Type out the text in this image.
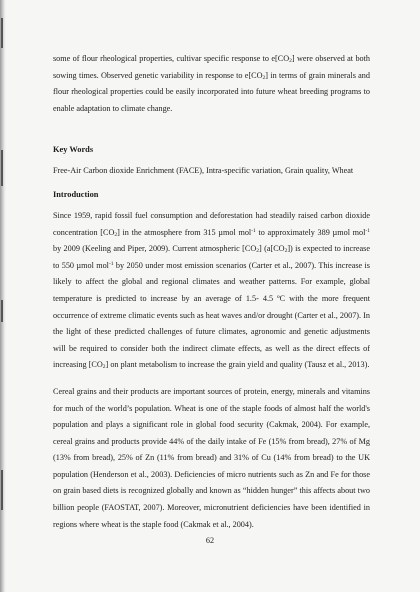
some of flour rheological properties, cultivar specific response to $e[CO_2]$ were observed at both sowing times. Observed genetic variability in response to $e[CO_2]$ in terms of grain minerals and flour rheological properties could be easily incorporated into future wheat breeding programs to enable adaptation to climate change.

Key Words

Free-Air Carbon dioxide Enrichment (FACE), Intra-specific variation, Grain quality, Wheat

Introduction

Since 1959, rapid fossil fuel consumption and deforestation had steadily raised carbon dioxide concentration $[CO_2]$ in the atmosphere from 315 µmol mol$^{-1}$ to approximately 389 µmol mol$^{-1}$ by 2009 (Keeling and Piper, 2009). Current atmospheric $[CO_2]$ $(a[CO_2])$ is expected to increase to 550 µmol mol$^{-1}$ by 2050 under most emission scenarios (Carter et al., 2007). This increase is likely to affect the global and regional climates and weather patterns. For example, global temperature is predicted to increase by an average of 1.5- 4.5 ºC with the more frequent occurrence of extreme climatic events such as heat waves and/or drought (Carter et al., 2007). In the light of these predicted challenges of future climates, agronomic and genetic adjustments will be required to consider both the indirect climate effects, as well as the direct effects of increasing $[CO_2]$ on plant metabolism to increase the grain yield and quality (Tausz et al., 2013).

Cereal grains and their products are important sources of protein, energy, minerals and vitamins for much of the world’s population. Wheat is one of the staple foods of almost half the world's population and plays a significant role in global food security (Cakmak, 2004). For example, cereal grains and products provide 44% of the daily intake of Fe (15% from bread), 27% of Mg (13% from bread), 25% of Zn (11% from bread) and 31% of Cu (14% from bread) to the UK population (Henderson et al., 2003). Deficiencies of micro nutrients such as Zn and Fe for those on grain based diets is recognized globally and known as “hidden hunger” this affects about two billion people (FAOSTAT, 2007). Moreover, micronutrient deficiencies have been identified in regions where wheat is the staple food (Cakmak et al., 2004).

62
